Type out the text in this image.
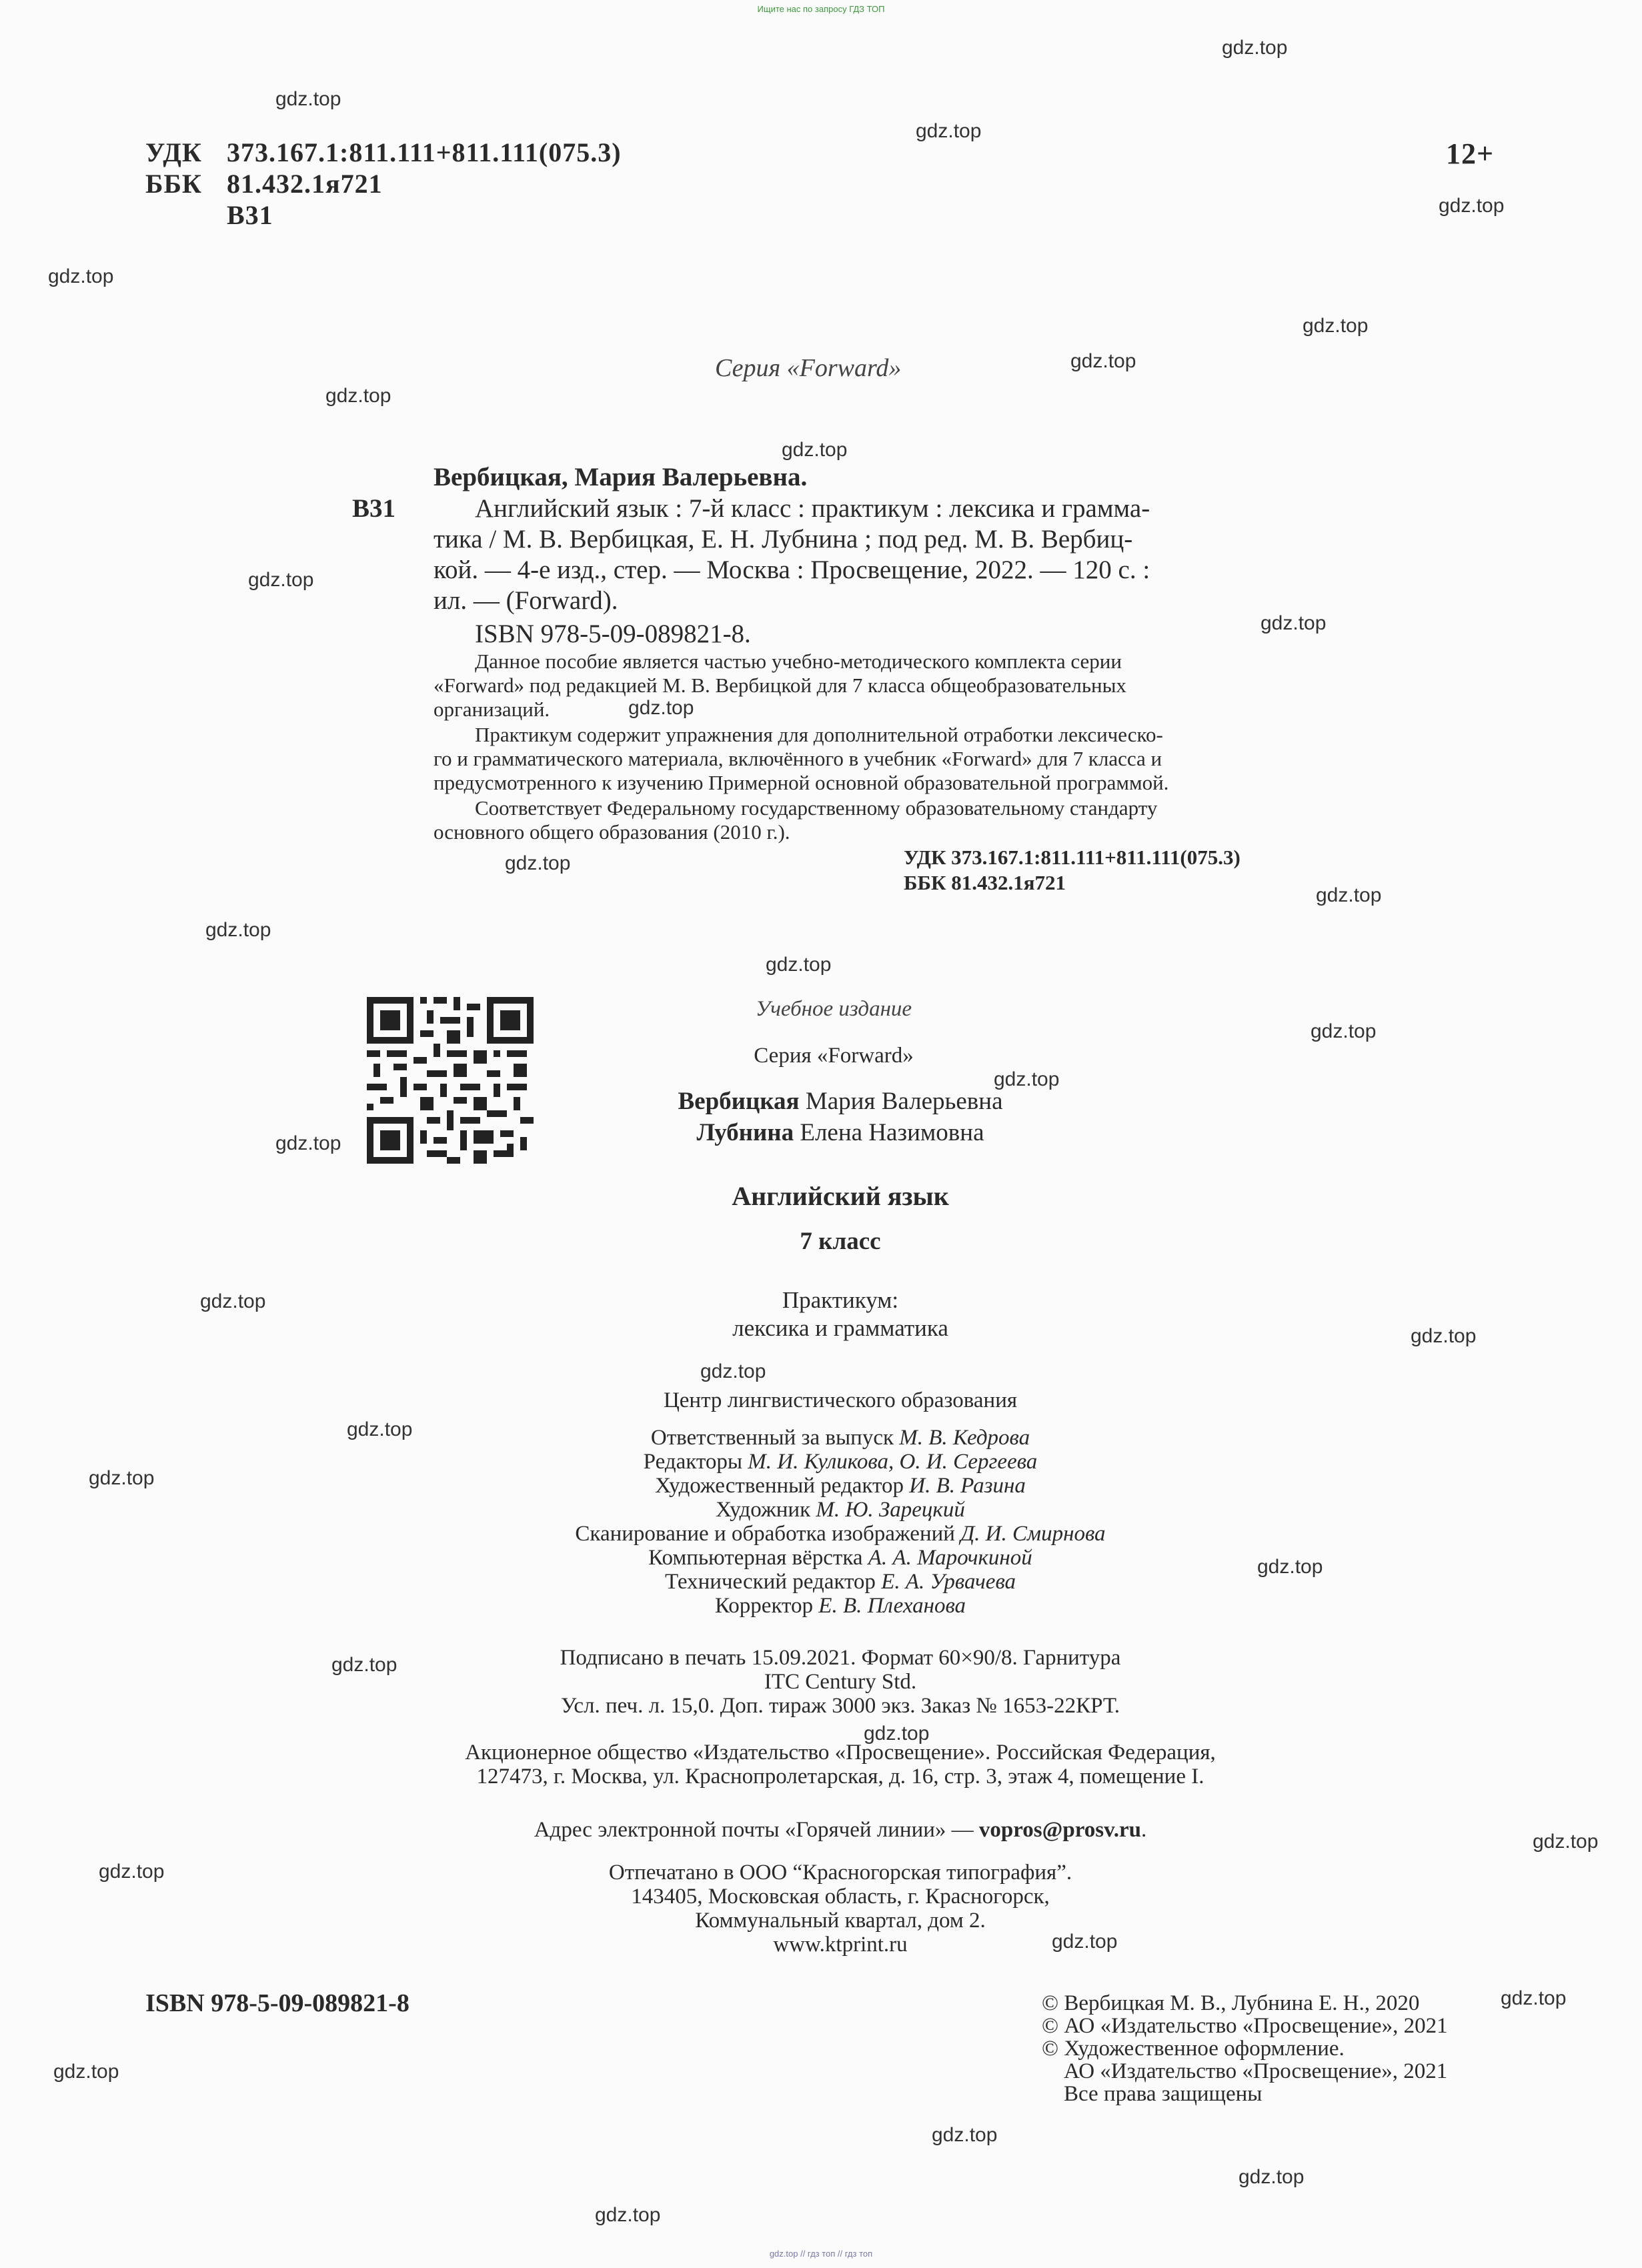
Ищите нас по запросу ГДЗ ТОП
УДК 373.167.1:811.111+811.111(075.3)
ББК 81.432.1я721
В31
12+
Серия «Forward»
Вербицкая, Мария Валерьевна.
В31	Английский язык : 7-й класс : практикум : лексика и грамма-
тика / М. В. Вербицкая, Е. Н. Лубнина ; под ред. М. В. Вербиц-
кой. — 4-е изд., стер. — Москва : Просвещение, 2022. — 120 с. :
ил. — (Forward).
ISBN 978-5-09-089821-8.
Данное пособие является частью учебно-методического комплекта серии
«Forward» под редакцией М. В. Вербицкой для 7 класса общеобразовательных
организаций.
Практикум содержит упражнения для дополнительной отработки лексическо-
го и грамматического материала, включённого в учебник «Forward» для 7 класса и
предусмотренного к изучению Примерной основной образовательной программой.
Соответствует Федеральному государственному образовательному стандарту
основного общего образования (2010 г.).
УДК 373.167.1:811.111+811.111(075.3)
ББК 81.432.1я721
Учебное издание
Серия «Forward»
Вербицкая Мария Валерьевна
Лубнина Елена Назимовна
Английский язык
7 класс
Практикум:
лексика и грамматика
Центр лингвистического образования
Ответственный за выпуск М. В. Кедрова
Редакторы М. И. Куликова, О. И. Сергеева
Художественный редактор И. В. Разина
Художник М. Ю. Зарецкий
Сканирование и обработка изображений Д. И. Смирнова
Компьютерная вёрстка А. А. Марочкиной
Технический редактор Е. А. Урвачева
Корректор Е. В. Плеханова
Подписано в печать 15.09.2021. Формат 60×90/8. Гарнитура
ITC Century Std.
Усл. печ. л. 15,0. Доп. тираж 3000 экз. Заказ № 1653-22КРТ.
Акционерное общество «Издательство «Просвещение». Российская Федерация,
127473, г. Москва, ул. Краснопролетарская, д. 16, стр. 3, этаж 4, помещение I.
Адрес электронной почты «Горячей линии» — vopros@prosv.ru.
Отпечатано в ООО “Красногорская типография”.
143405, Московская область, г. Красногорск,
Коммунальный квартал, дом 2.
www.ktprint.ru
ISBN 978-5-09-089821-8	© Вербицкая М. В., Лубнина Е. Н., 2020
© АО «Издательство «Просвещение», 2021
© Художественное оформление.
АО «Издательство «Просвещение», 2021
Все права защищены
gdz.top
gdz.top
gdz.top
gdz.top
gdz.top
gdz.top
gdz.top
gdz.top
gdz.top
gdz.top
gdz.top
gdz.top
gdz.top
gdz.top
gdz.top
gdz.top
gdz.top
gdz.top
gdz.top
gdz.top
gdz.top
gdz.top
gdz.top
gdz.top
gdz.top
gdz.top
gdz.top
gdz.top
gdz.top
gdz.top
gdz.top
gdz.top
gdz.top
gdz.top
gdz.top
gdz.top // гдз топ // гдз топ
